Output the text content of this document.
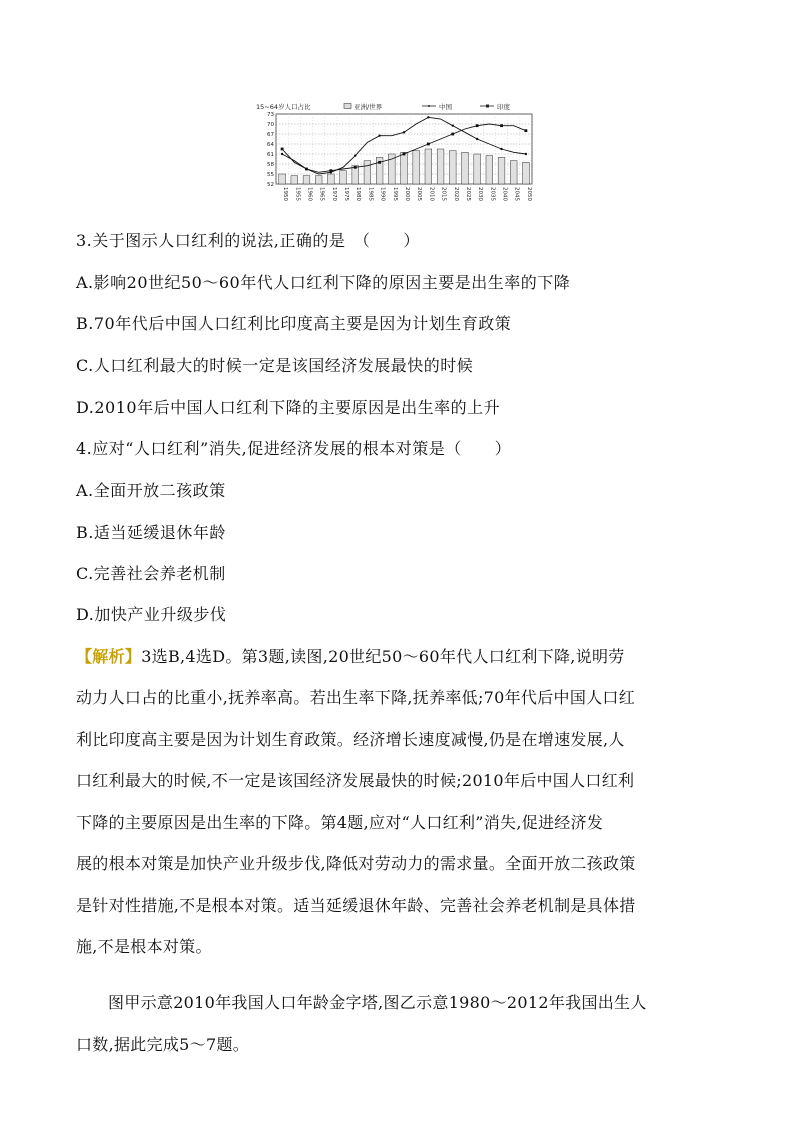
15~64岁人口占比	亚洲/世界	中国	印度
52
55
58
61
64
67
70
73
1950 1955 1960 1965 1970 1975 1980 1985 1990 1995 2000 2005 2010 2015 2020 2025 2030 2035 2040 2045 2050
3.关于图示人口红利的说法,正确的是　（　　）
A.影响20世纪50～60年代人口红利下降的原因主要是出生率的下降
B.70年代后中国人口红利比印度高主要是因为计划生育政策
C.人口红利最大的时候一定是该国经济发展最快的时候
D.2010年后中国人口红利下降的主要原因是出生率的上升
4.应对“人口红利”消失,促进经济发展的根本对策是（　　）
A.全面开放二孩政策
B.适当延缓退休年龄
C.完善社会养老机制
D.加快产业升级步伐
【解析】3选B,4选D。第3题,读图,20世纪50～60年代人口红利下降,说明劳
动力人口占的比重小,抚养率高。若出生率下降,抚养率低;70年代后中国人口红
利比印度高主要是因为计划生育政策。经济增长速度减慢,仍是在增速发展,人
口红利最大的时候,不一定是该国经济发展最快的时候;2010年后中国人口红利
下降的主要原因是出生率的下降。第4题,应对“人口红利”消失,促进经济发
展的根本对策是加快产业升级步伐,降低对劳动力的需求量。全面开放二孩政策
是针对性措施,不是根本对策。适当延缓退休年龄、完善社会养老机制是具体措
施,不是根本对策。
图甲示意2010年我国人口年龄金字塔,图乙示意1980～2012年我国出生人
口数,据此完成5～7题。
